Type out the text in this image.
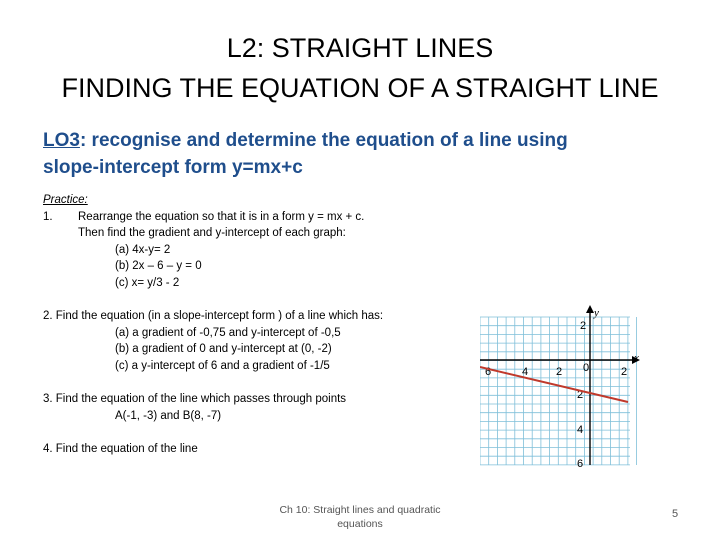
L2: STRAIGHT LINES
FINDING THE EQUATION OF A STRAIGHT LINE
LO3: recognise and determine the equation of a line using
slope-intercept form y=mx+c
Practice:
1. Rearrange the equation so that it is in a form y = mx + c.
Then find the gradient and y-intercept of each graph:
(a) 4x-y= 2
(b) 2x – 6 – y = 0
(c) x= y/3 - 2
2. Find the equation (in a slope-intercept form ) of a line which has:
(a) a gradient of -0,75 and y-intercept of -0,5
(b) a gradient of 0 and y-intercept at (0, -2)
(c) a y-intercept of 6 and a gradient of -1/5
3. Find the equation of the line which passes through points
A(-1, -3) and B(8, -7)
4. Find the equation of the line
x
y
6	4	2 0	2
2
2
4
6
Ch 10: Straight lines and quadratic
equations
5
